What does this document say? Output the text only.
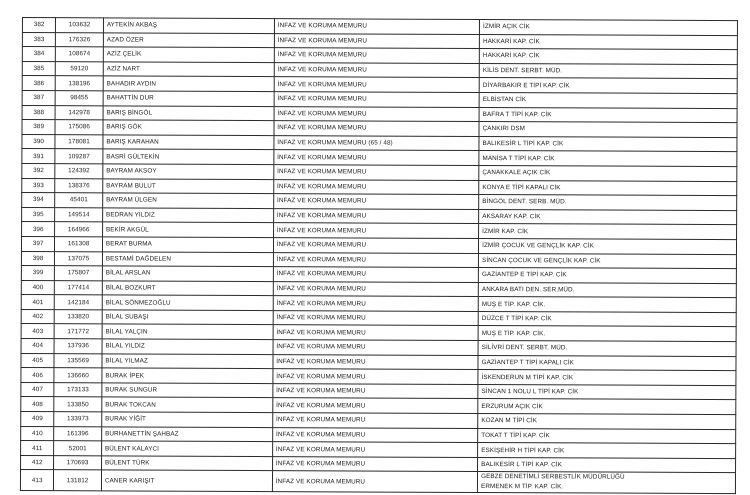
382	103632	AYTEKİN AKBAŞ	İNFAZ VE KORUMA MEMURU	İZMİR AÇIK CİK
383	176326	AZAD ÖZER	İNFAZ VE KORUMA MEMURU	HAKKARİ KAP. CİK
384	108674	AZİZ ÇELİK	İNFAZ VE KORUMA MEMURU	HAKKARİ KAP. CİK
385	59120	AZİZ NART	İNFAZ VE KORUMA MEMURU	KİLİS DENT. SERBT. MÜD.
386	138196	BAHADIR AYDIN	İNFAZ VE KORUMA MEMURU	DİYARBAKIR E TİPİ KAP. CİK
387	98455	BAHATTİN DUR	İNFAZ VE KORUMA MEMURU	ELBİSTAN CİK
388	142978	BARIŞ BİNGÖL	İNFAZ VE KORUMA MEMURU	BAFRA T TİPİ KAP. CİK
389	175086	BARIŞ GÖK	İNFAZ VE KORUMA MEMURU	ÇANKIRI DSM
390	178081	BARIŞ KARAHAN	İNFAZ VE KORUMA MEMURU (65 / 48)	BALIKESİR L TİPİ KAP. CİK
391	109287	BASRİ GÜLTEKİN	İNFAZ VE KORUMA MEMURU	MANİSA T TİPİ KAP. CİK
392	124392	BAYRAM AKSOY	İNFAZ VE KORUMA MEMURU	ÇANAKKALE AÇIK CİK
393	138376	BAYRAM BULUT	İNFAZ VE KORUMA MEMURU	KONYA E TİPİ KAPALI CİK
394	45401	BAYRAM ÜLGEN	İNFAZ VE KORUMA MEMURU	BİNGÖL DENT. SERB. MÜD.
395	149514	BEDRAN YILDIZ	İNFAZ VE KORUMA MEMURU	AKSARAY KAP. CİK
396	164966	BEKİR AKGÜL	İNFAZ VE KORUMA MEMURU	İZMİR KAP. CİK
397	161308	BERAT BURMA	İNFAZ VE KORUMA MEMURU	İZMİR ÇOCUK VE GENÇLİK KAP. CİK
398	137075	BESTAMİ DAĞDELEN	İNFAZ VE KORUMA MEMURU	SİNCAN ÇOCUK VE GENÇLİK KAP. CİK
399	175807	BİLAL ARSLAN	İNFAZ VE KORUMA MEMURU	GAZİANTEP E TİPİ KAP. CİK
400	177414	BİLAL BOZKURT	İNFAZ VE KORUMA MEMURU	ANKARA BATI DEN. SER.MÜD.
401	142184	BİLAL SÖNMEZOĞLU	İNFAZ VE KORUMA MEMURU	MUŞ E TİP. KAP. CİK.
402	133820	BİLAL SUBAŞI	İNFAZ VE KORUMA MEMURU	DÜZCE T TİPİ KAP. CİK
403	171772	BİLAL YALÇIN	İNFAZ VE KORUMA MEMURU	MUŞ E TİP. KAP. CİK.
404	137936	BİLAL YILDIZ	İNFAZ VE KORUMA MEMURU	SİLİVRİ DENT. SERBT. MÜD.
405	135569	BİLAL YILMAZ	İNFAZ VE KORUMA MEMURU	GAZİANTEP T TİPİ KAPALI CİK
406	136660	BURAK İPEK	İNFAZ VE KORUMA MEMURU	İSKENDERUN M TİPİ KAP. CİK
407	173133	BURAK SUNGUR	İNFAZ VE KORUMA MEMURU	SİNCAN 1 NOLU L TİPİ KAP. CİK
408	133850	BURAK TOKCAN	İNFAZ VE KORUMA MEMURU	ERZURUM AÇIK CİK
409	133973	BURAK YİĞİT	İNFAZ VE KORUMA MEMURU	KOZAN M TİPİ CİK
410	161396	BURHANETTİN ŞAHBAZ	İNFAZ VE KORUMA MEMURU	TOKAT T TİPİ KAP. CİK
411	52001	BÜLENT KALAYCI	İNFAZ VE KORUMA MEMURU	ESKİŞEHİR H TİPİ KAP. CİK
412	170693	BÜLENT TÜRK	İNFAZ VE KORUMA MEMURU	BALIKESİR L TİPİ KAP. CİK
413	131812	CANER KARIŞIT	İNFAZ VE KORUMA MEMURU	GEBZE DENETİMLİ SERBESTLİK MÜDÜRLÜĞÜ
ERMENEK M TİP. KAP. CİK.
